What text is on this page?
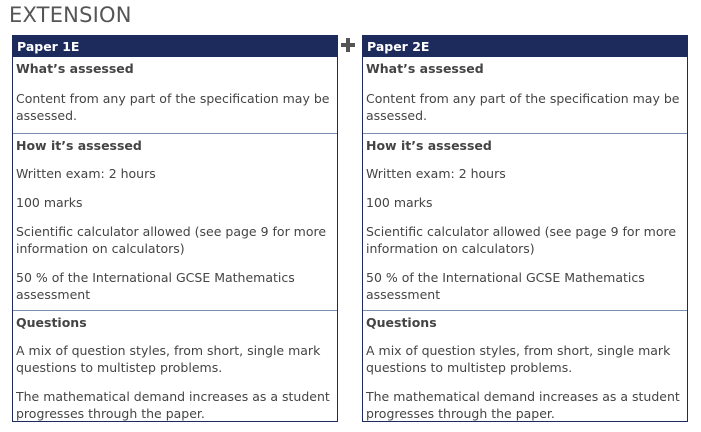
EXTENSION
Paper 1E
What’s assessed

Content from any part of the specification may be assessed.

How it’s assessed

Written exam: 2 hours

100 marks

Scientific calculator allowed (see page 9 for more information on calculators)

50 % of the International GCSE Mathematics assessment

Questions

A mix of question styles, from short, single mark questions to multistep problems.

The mathematical demand increases as a student progresses through the paper.

Paper 2E
What’s assessed

Content from any part of the specification may be assessed.

How it’s assessed

Written exam: 2 hours

100 marks

Scientific calculator allowed (see page 9 for more information on calculators)

50 % of the International GCSE Mathematics assessment

Questions

A mix of question styles, from short, single mark questions to multistep problems.

The mathematical demand increases as a student progresses through the paper.
